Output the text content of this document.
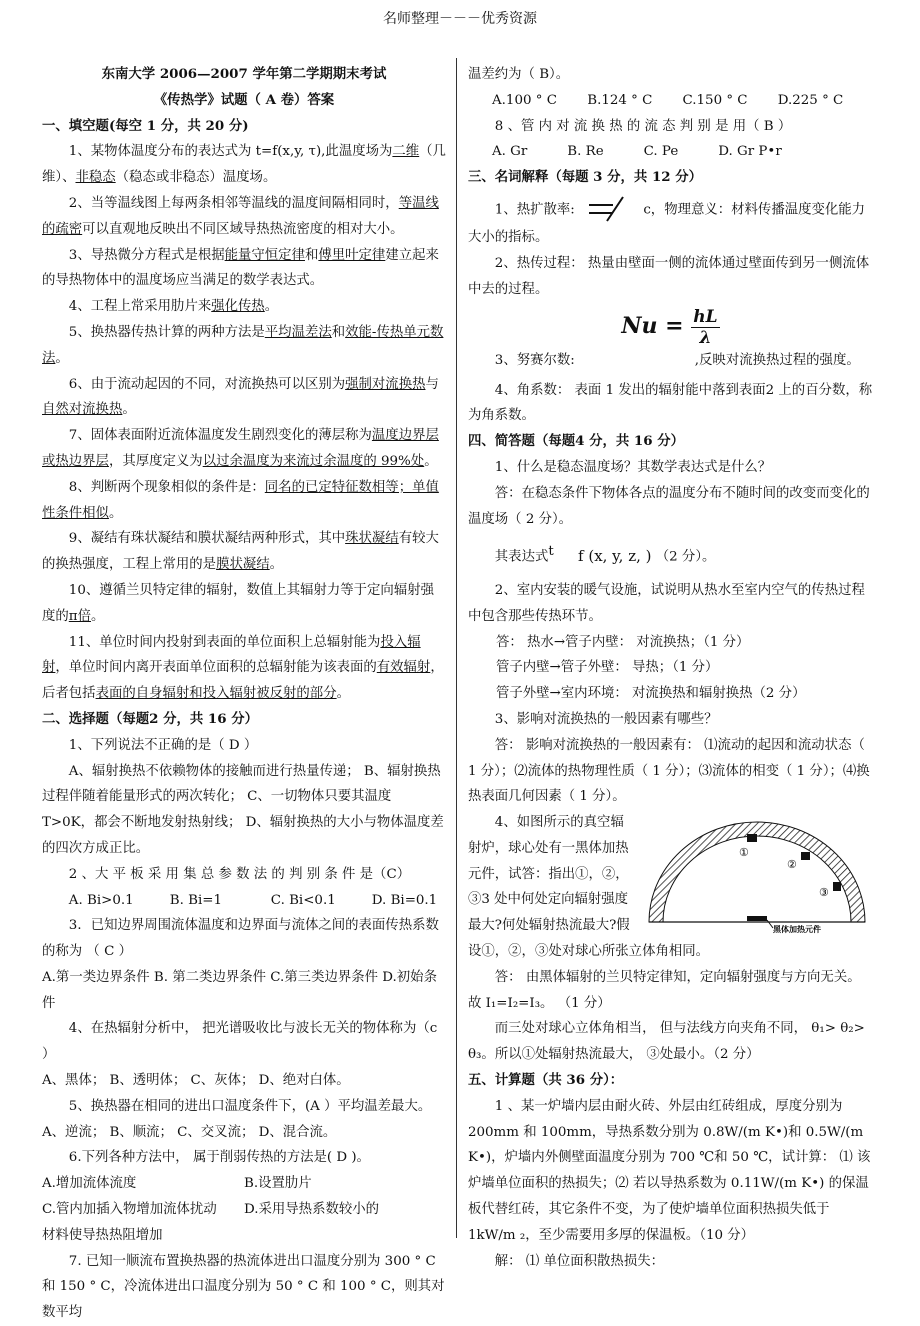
名师整理－－－优秀资源

东南大学 2006—2007 学年第二学期期末考试

《传热学》试题（ A 卷）答案

一、填空题(每空 1 分，共 20 分)

1、某物体温度分布的表达式为 t=f(x,y, τ),此温度场为二维（几维）、非稳态（稳态或非稳态）温度场。

2、当等温线图上每两条相邻等温线的温度间隔相同时，等温线的疏密可以直观地反映出不同区域导热热流密度的相对大小。

3、导热微分方程式是根据能量守恒定律和傅里叶定律建立起来的导热物体中的温度场应当满足的数学表达式。

4、工程上常采用肋片来强化传热。

5、换热器传热计算的两种方法是平均温差法和效能-传热单元数法。

6、由于流动起因的不同，对流换热可以区别为强制对流换热与自然对流换热。

7、固体表面附近流体温度发生剧烈变化的薄层称为温度边界层或热边界层，其厚度定义为以过余温度为来流过余温度的 99%处。

8、判断两个现象相似的条件是：同名的已定特征数相等；单值性条件相似。

9、凝结有珠状凝结和膜状凝结两种形式，其中珠状凝结有较大的换热强度，工程上常用的是膜状凝结。

10、遵循兰贝特定律的辐射，数值上其辐射力等于定向辐射强度的π倍。

11、单位时间内投射到表面的单位面积上总辐射能为投入辐射，单位时间内离开表面单位面积的总辐射能为该表面的有效辐射，后者包括表面的自身辐射和投入辐射被反射的部分。

二、选择题（每题2 分，共 16 分）

1、下列说法不正确的是（ D ）

A、辐射换热不依赖物体的接触而进行热量传递； B、辐射换热过程伴随着能量形式的两次转化； C、一切物体只要其温度 T>0K，都会不断地发射热射线； D、辐射换热的大小与物体温度差的四次方成正比。

2 、大 平 板 采 用 集 总 参 数 法 的 判 别 条 件 是（C）

A. Bi>0.1	B. Bi=1	C. Bi<0.1	D. Bi=0.1

3．已知边界周围流体温度和边界面与流体之间的表面传热系数的称为 （ C ）

A.第一类边界条件 B. 第二类边界条件 C.第三类边界条件 D.初始条件

4、在热辐射分析中， 把光谱吸收比与波长无关的物体称为（c ）

A、黑体； B、透明体； C、灰体； D、绝对白体。

5、换热器在相同的进出口温度条件下，(A ）平均温差最大。

A、逆流； B、顺流； C、交叉流； D、混合流。

6.下列各种方法中， 属于削弱传热的方法是( D )。

A.增加流体流度	B.设置肋片

C.管内加插入物增加流体扰动	D.采用导热系数较小的

材料使导热热阻增加

7. 已知一顺流布置换热器的热流体进出口温度分别为 300 ° C和 150 ° C，冷流体进出口温度分别为 50 ° C 和 100 ° C，则其对数平均

温差约为（ B）。

A.100 ° C	B.124 ° C	C.150 ° C	D.225 ° C

8 、管 内 对 流 换 热 的 流 态 判 别 是 用（ B ）

A. Gr	B. Re	C. Pe	D. Gr P•r

三、名词解释（每题 3 分，共 12 分）

1、热扩散率:	c，物理意义：材料传播温度变化能力大小的指标。

2、热传过程： 热量由壁面一侧的流体通过壁面传到另一侧流体中去的过程。

$Nu = \frac{hL}{\lambda}$

3、努赛尔数:	,反映对流换热过程的强度。

4、角系数： 表面 1 发出的辐射能中落到表面2 上的百分数，称为角系数。

四、简答题（每题4 分，共 16 分）

1、什么是稳态温度场？其数学表达式是什么？

答：在稳态条件下物体各点的温度分布不随时间的改变而变化的温度场（ 2 分）。

其表达式t f (x, y, z, ) （2 分）。

2、室内安装的暖气设施，试说明从热水至室内空气的传热过程中包含那些传热环节。

答： 热水→管子内壁： 对流换热；（1 分）

管子内壁→管子外壁： 导热；（1 分）

管子外壁→室内环境： 对流换热和辐射换热（2 分）

3、影响对流换热的一般因素有哪些？

答： 影响对流换热的一般因素有： ⑴流动的起因和流动状态（ 1 分）；⑵流体的热物理性质（ 1 分）；⑶流体的相变（ 1 分）；⑷换热表面几何因素（ 1 分）。

①
②
③
黑体加热元件

4、如图所示的真空辐射炉，球心处有一黑体加热元件，试答：指出①，②，③3 处中何处定向辐射强度最大?何处辐射热流最大?假设①，②，③处对球心所张立体角相同。

答： 由黑体辐射的兰贝特定律知，定向辐射强度与方向无关。故 I₁=I₂=I₃。 （1 分）

而三处对球心立体角相当， 但与法线方向夹角不同， θ₁> θ₂> θ₃。所以①处辐射热流最大， ③处最小。（2 分）

五、计算题（共 36 分）：

1 、某一炉墙内层由耐火砖、外层由红砖组成，厚度分别为200mm 和 100mm，导热系数分别为 0.8W/(m K•)和 0.5W/(m K•)，炉墙内外侧壁面温度分别为 700 ℃和 50 ℃，试计算： ⑴ 该炉墙单位面积的热损失；⑵ 若以导热系数为 0.11W/(m K•) 的保温板代替红砖，其它条件不变，为了使炉墙单位面积热损失低于 1kW/m ₂，至少需要用多厚的保温板。（10 分）

解： ⑴ 单位面积散热损失：
